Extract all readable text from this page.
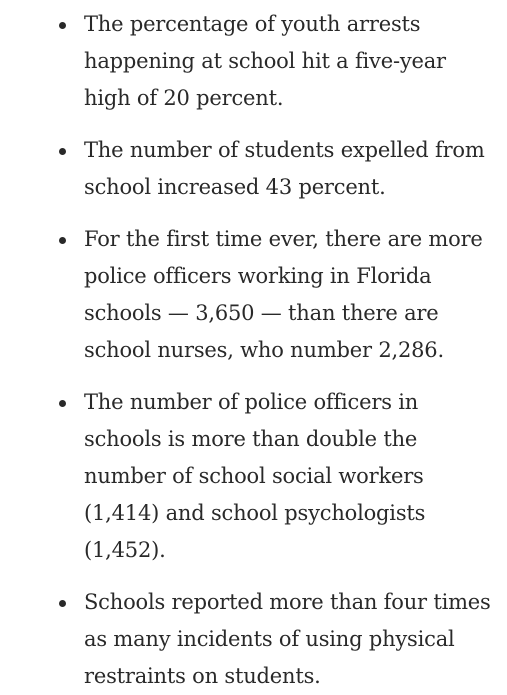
The percentage of youth arrests happening at school hit a five-year high of 20 percent.
The number of students expelled from school increased 43 percent.
For the first time ever, there are more police officers working in Florida schools — 3,650 — than there are school nurses, who number 2,286.
The number of police officers in schools is more than double the number of school social workers (1,414) and school psychologists (1,452).
Schools reported more than four times as many incidents of using physical restraints on students.
